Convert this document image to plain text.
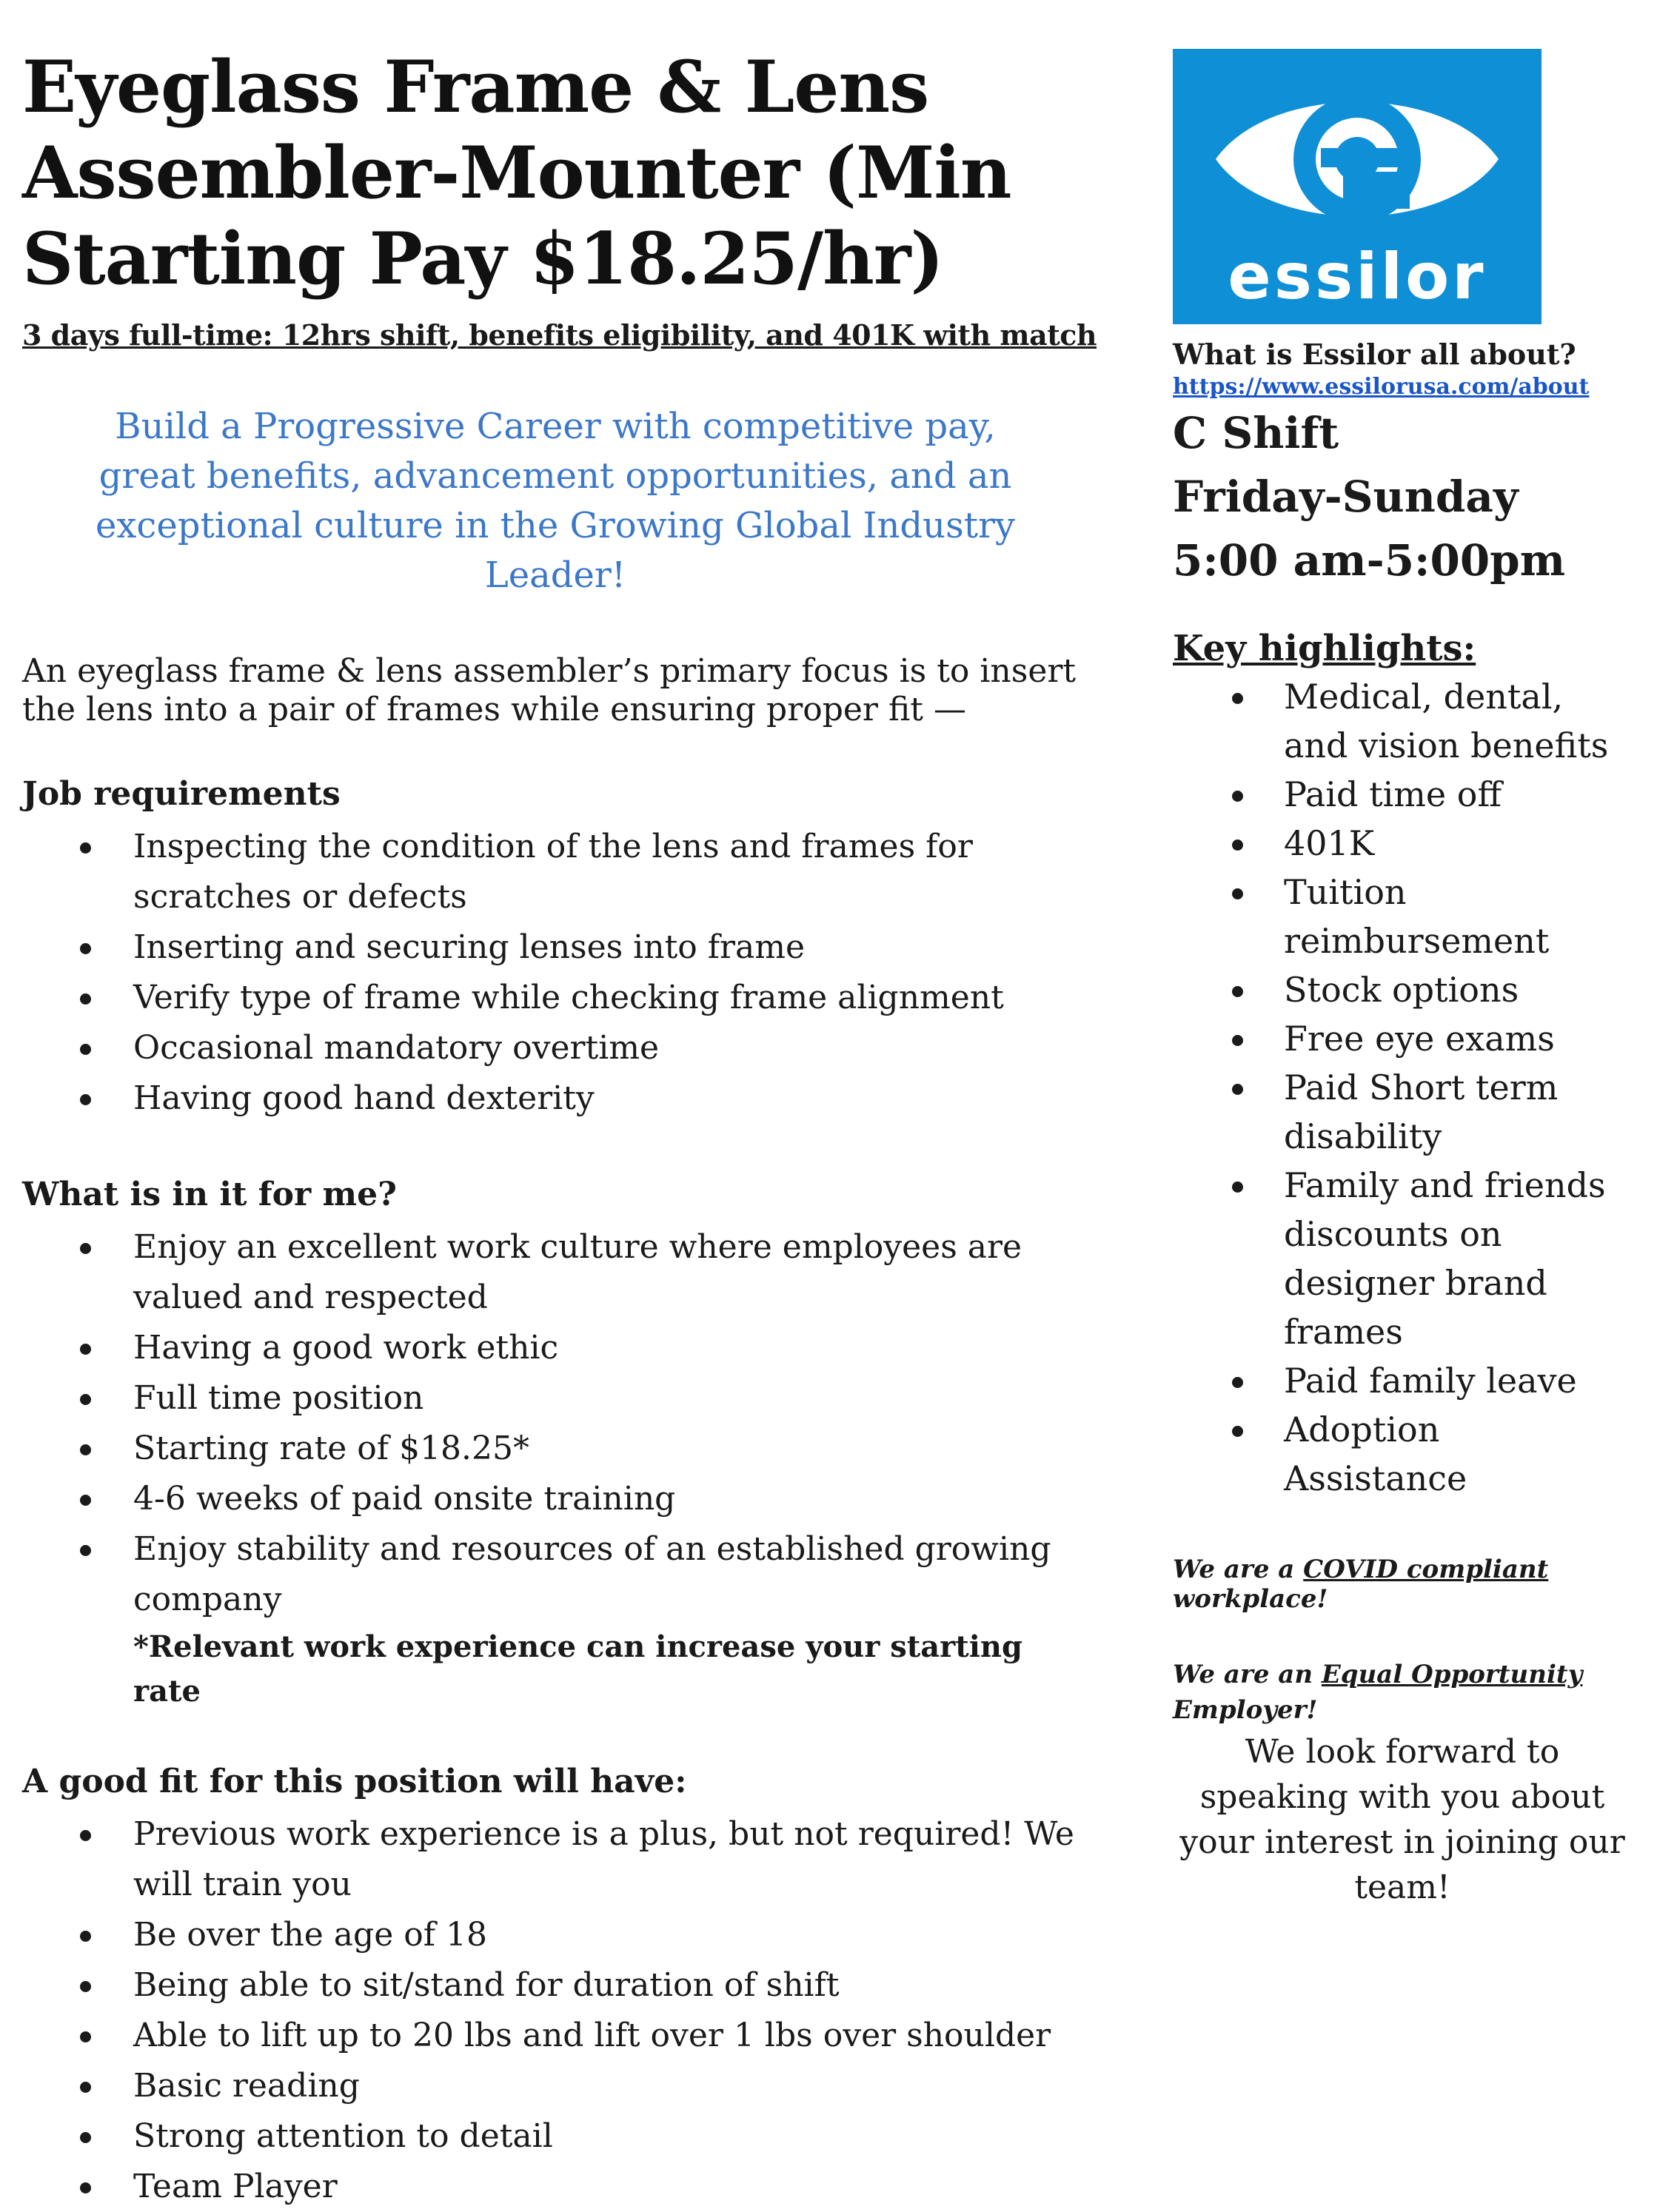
Eyeglass Frame & Lens Assembler-Mounter (Min Starting Pay $18.25/hr)
3 days full-time: 12hrs shift, benefits eligibility, and 401K with match
Build a Progressive Career with competitive pay, great benefits, advancement opportunities, and an exceptional culture in the Growing Global Industry Leader!
An eyeglass frame & lens assembler’s primary focus is to insert the lens into a pair of frames while ensuring proper fit —
Job requirements
Inspecting the condition of the lens and frames for scratches or defects
Inserting and securing lenses into frame
Verify type of frame while checking frame alignment
Occasional mandatory overtime
Having good hand dexterity
What is in it for me?
Enjoy an excellent work culture where employees are valued and respected
Having a good work ethic
Full time position
Starting rate of $18.25*
4-6 weeks of paid onsite training
Enjoy stability and resources of an established growing company
*Relevant work experience can increase your starting rate
A good fit for this position will have:
Previous work experience is a plus, but not required! We will train you
Be over the age of 18
Being able to sit/stand for duration of shift
Able to lift up to 20 lbs and lift over 1 lbs over shoulder
Basic reading
Strong attention to detail
Team Player
essilor
What is Essilor all about?
https://www.essilorusa.com/about
C Shift
Friday-Sunday
5:00 am-5:00pm
Key highlights:
Medical, dental, and vision benefits
Paid time off
401K
Tuition reimbursement
Stock options
Free eye exams
Paid Short term disability
Family and friends discounts on designer brand frames
Paid family leave
Adoption Assistance
We are a COVID compliant workplace!
We are an Equal Opportunity Employer!
We look forward to speaking with you about your interest in joining our team!
